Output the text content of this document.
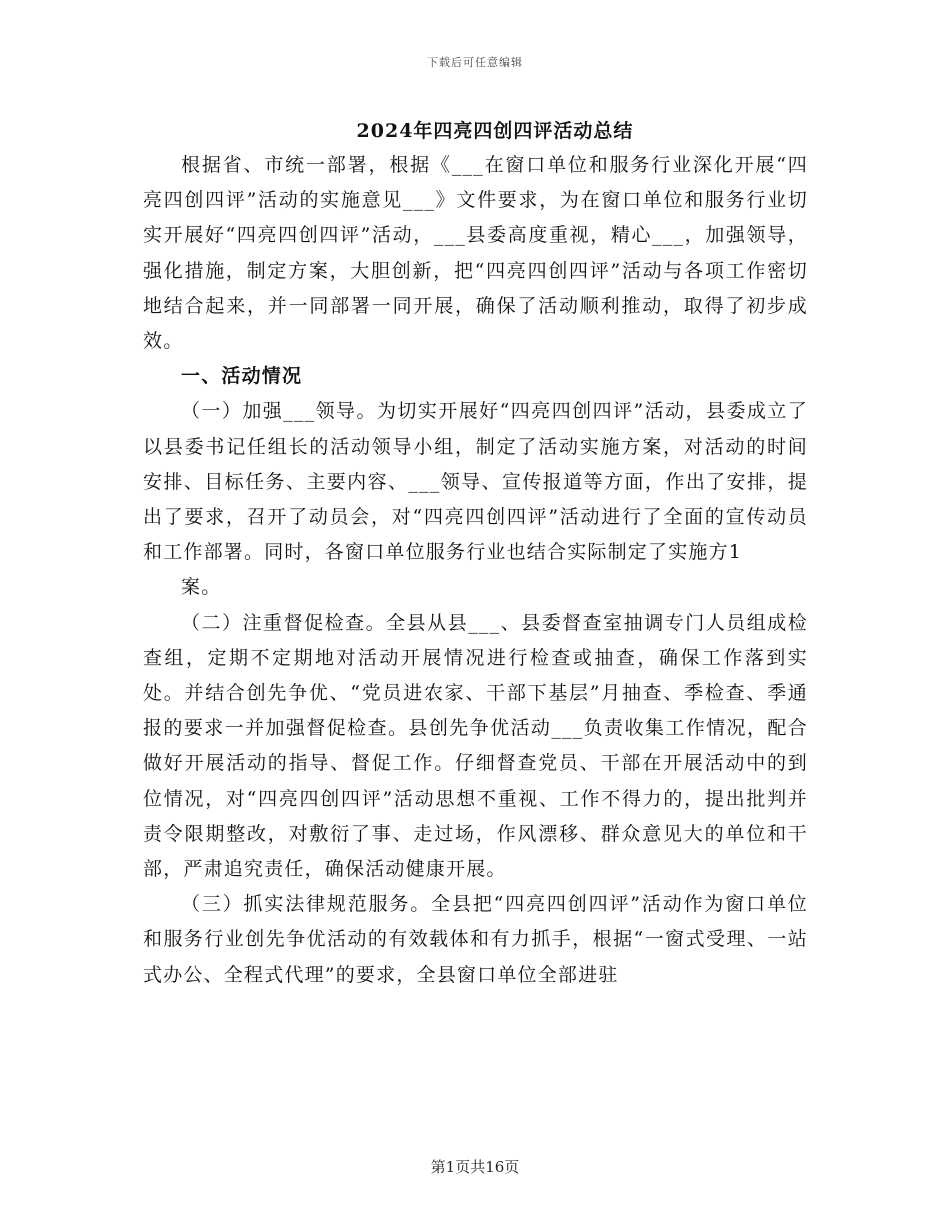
下载后可任意编辑
2024年四亮四创四评活动总结

根据省、市统一部署，根据《___在窗口单位和服务行业深化开展“四亮四创四评”活动的实施意见___》文件要求，为在窗口单位和服务行业切实开展好“四亮四创四评”活动，___县委高度重视，精心___，加强领导，强化措施，制定方案，大胆创新，把“四亮四创四评”活动与各项工作密切地结合起来，并一同部署一同开展，确保了活动顺利推动，取得了初步成效。

一、活动情况

（一）加强___领导。为切实开展好“四亮四创四评”活动，县委成立了以县委书记任组长的活动领导小组，制定了活动实施方案，对活动的时间安排、目标任务、主要内容、___领导、宣传报道等方面，作出了安排，提出了要求，召开了动员会，对“四亮四创四评”活动进行了全面的宣传动员和工作部署。同时，各窗口单位服务行业也结合实际制定了实施方1

案。

（二）注重督促检查。全县从县___、县委督查室抽调专门人员组成检查组，定期不定期地对活动开展情况进行检查或抽查，确保工作落到实处。并结合创先争优、“党员进农家、干部下基层”月抽查、季检查、季通报的要求一并加强督促检查。县创先争优活动___负责收集工作情况，配合做好开展活动的指导、督促工作。仔细督查党员、干部在开展活动中的到位情况，对“四亮四创四评”活动思想不重视、工作不得力的，提出批判并责令限期整改，对敷衍了事、走过场，作风漂移、群众意见大的单位和干部，严肃追究责任，确保活动健康开展。

（三）抓实法律规范服务。全县把“四亮四创四评”活动作为窗口单位和服务行业创先争优活动的有效载体和有力抓手，根据“一窗式受理、一站式办公、全程式代理”的要求，全县窗口单位全部进驻

第1页共16页
